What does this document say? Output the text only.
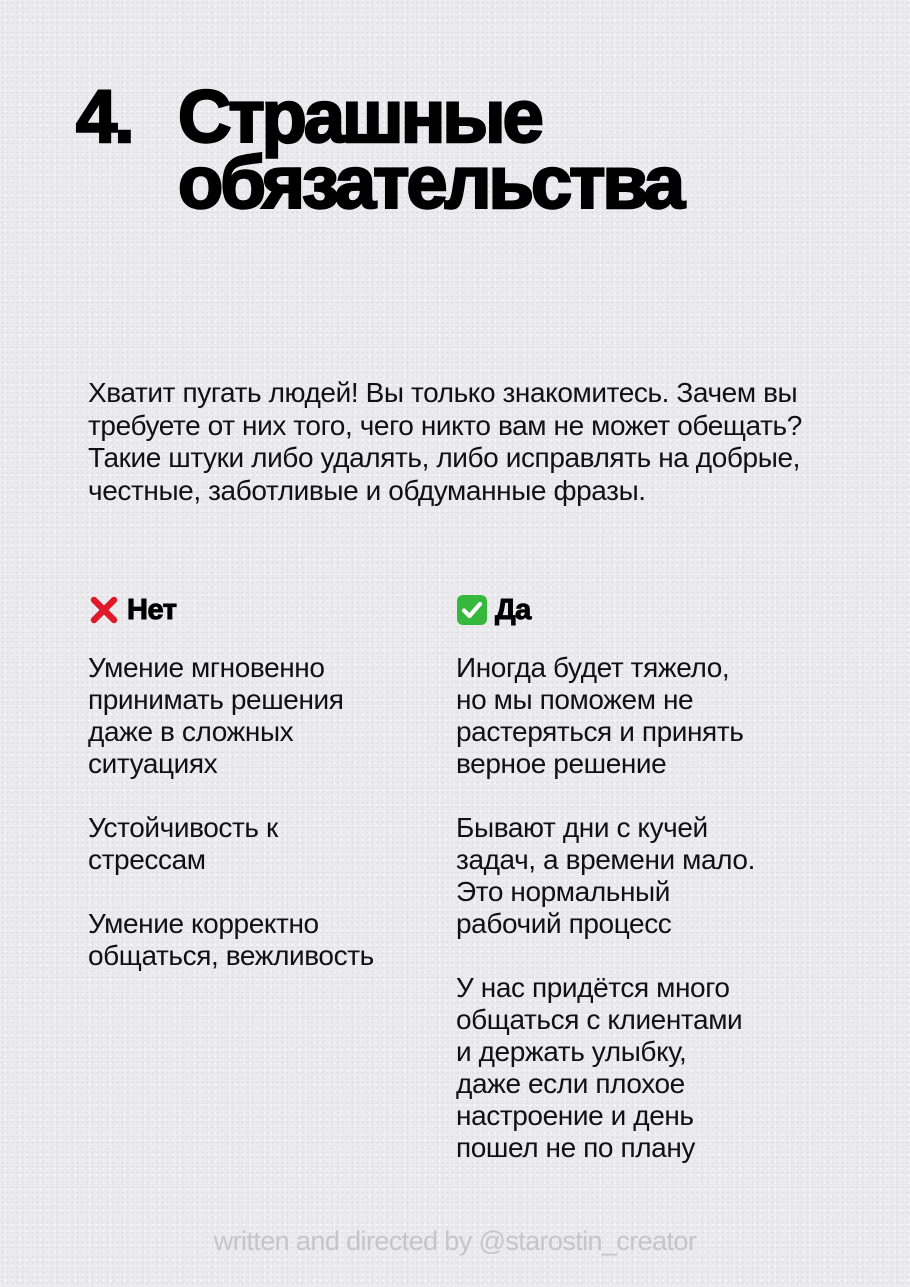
4. Страшные
обязательства
Хватит пугать людей! Вы только знакомитесь. Зачем вы требуете от них того, чего никто вам не может обещать? Такие штуки либо удалять, либо исправлять на добрые, честные, заботливые и обдуманные фразы.
Нет
Умение мгновенно
принимать решения
даже в сложных
ситуациях
Устойчивость к
стрессам
Умение корректно
общаться, вежливость
Да
Иногда будет тяжело,
но мы поможем не
растеряться и принять
верное решение
Бывают дни с кучей
задач, а времени мало.
Это нормальный
рабочий процесс
У нас придётся много
общаться с клиентами
и держать улыбку,
даже если плохое
настроение и день
пошел не по плану
written and directed by @starostin_creator
